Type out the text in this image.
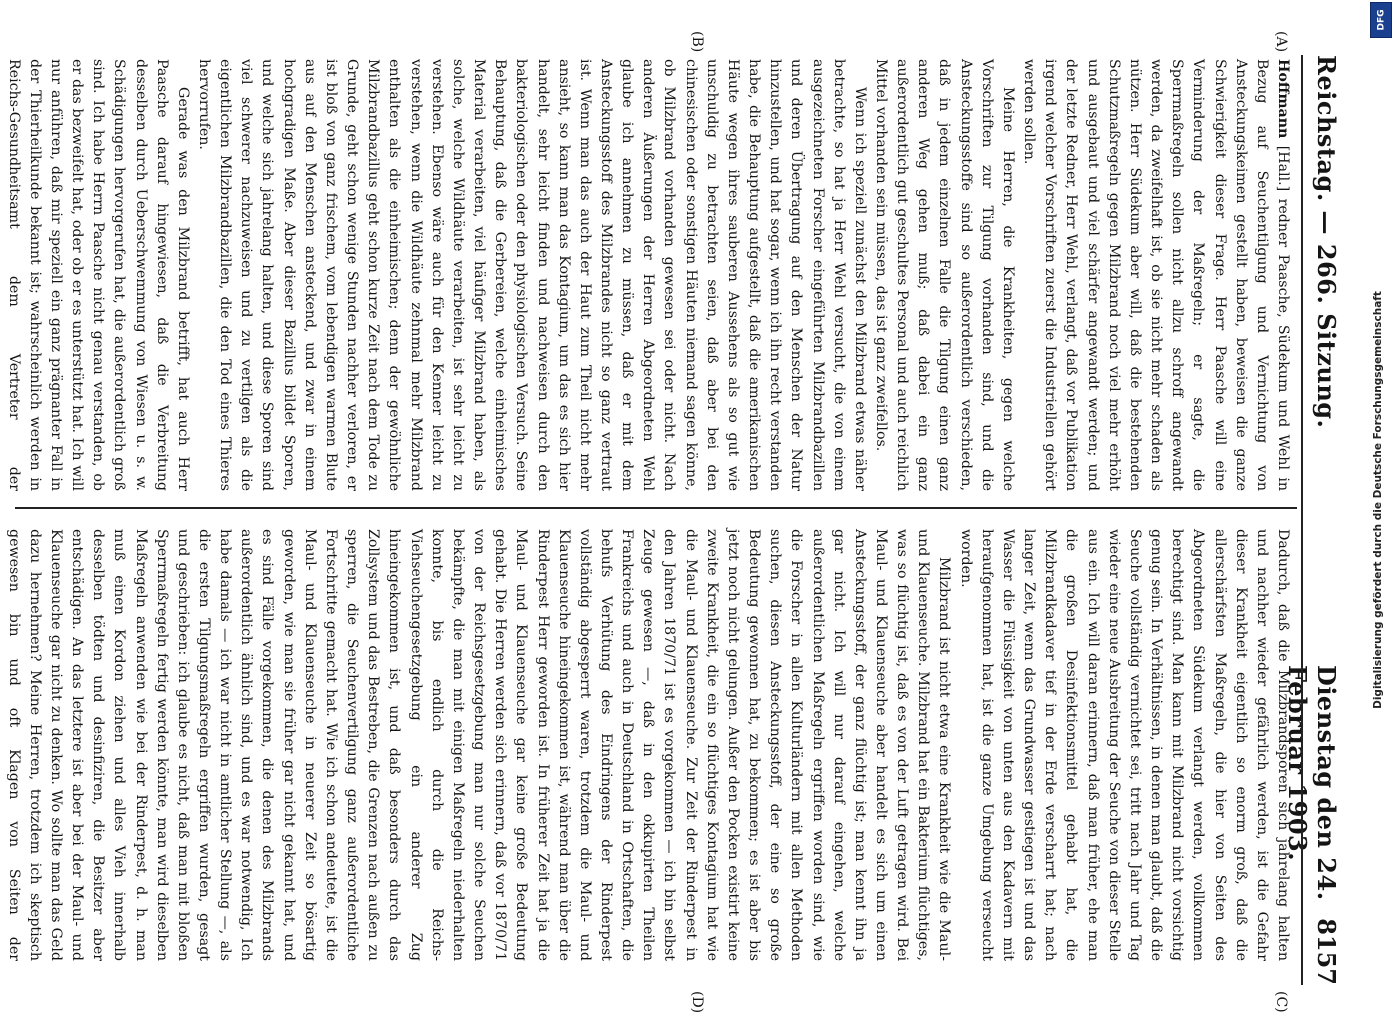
Reichstag. — 266. Sitzung.
Dienstag den 24. Februar 1903.
8157
(A)
(B)
(C)
(D)

Hoffmann [Hall.] redner Paasche, Südekum und Wehl in Bezug auf Seuchentilgung und Vernichtung von Ansteckungskeimen gestellt haben, beweisen die ganze Schwierigkeit dieser Frage. Herr Paasche will eine Verminderung der Maßregeln; er sagte, die Sperrmaßregeln sollen nicht allzu schroff angewandt werden, da zweifelhaft ist, ob sie nicht mehr schaden als nützen. Herr Südekum aber will, daß die bestehenden Schutzmaßregeln gegen Milzbrand noch viel mehr erhöht und ausgebaut und viel schärfer angewandt werden; und der letzte Redner, Herr Wehl, verlangt, daß vor Publikation irgend welcher Vorschriften zuerst die Industriellen gehört werden sollen.

Meine Herren, die Krankheiten, gegen welche Vorschriften zur Tilgung vorhanden sind, und die Ansteckungsstoffe sind so außerordentlich verschieden, daß in jedem einzelnen Falle die Tilgung einen ganz anderen Weg gehen muß; daß dabei ein ganz außerordentlich gut geschultes Personal und auch reichlich Mittel vorhanden sein müssen, das ist ganz zweifellos.

Wenn ich speziell zunächst den Milzbrand etwas näher betrachte, so hat ja Herr Wehl versucht, die von einem ausgezeichneten Forscher eingeführten Milzbrandbazillen und deren Übertragung auf den Menschen der Natur hinzustellen, und hat sogar, wenn ich ihn recht verstanden habe, die Behauptung aufgestellt, daß die amerikanischen Häute wegen ihres sauberen Aussehens als so gut wie unschuldig zu betrachten seien, daß aber bei den chinesischen oder sonstigen Häuten niemand sagen könne, ob Milzbrand vorhanden gewesen sei oder nicht. Nach anderen Äußerungen der Herren Abgeordneten Wehl glaube ich annehmen zu müssen, daß er mit dem Ansteckungsstoff des Milzbrandes nicht so ganz vertraut ist. Wenn man das auch der Haut zum Theil nicht mehr ansieht, so kann man das Kontagium, um das es sich hier handelt, sehr leicht finden und nachweisen durch den bakteriologischen oder den physiologischen Versuch. Seine Behauptung, daß die Gerbereien, welche einheimisches Material verarbeiten, viel häufiger Milzbrand haben, als solche, welche Wildhäute verarbeiten, ist sehr leicht zu verstehen. Ebenso wäre auch für den Kenner leicht zu verstehen, wenn die Wildhäute zehnmal mehr Milzbrand enthalten als die einheimischen; denn der gewöhnliche Milzbrandbazillus geht schon kurze Zeit nach dem Tode zu Grunde, geht schon wenige Stunden nachher verloren, er ist bloß von ganz frischem, vom lebendigen warmen Blute aus auf den Menschen ansteckend, und zwar in einem hochgradigen Maße. Aber dieser Bazillus bildet Sporen, und welche sich jahrelang halten, und diese Sporen sind viel schwerer nachzuweisen und zu vertilgen als die eigentlichen Milzbrandbazillen, die den Tod eines Thieres hervorrufen.

Gerade was den Milzbrand betrifft, hat auch Herr Paasche darauf hingewiesen, daß die Verbreitung desselben durch Ueberschwemmung von Wiesen u. s. w. Schädigungen hervorgerufen hat, die außerordentlich groß sind. Ich habe Herrn Paasche nicht genau verstanden, ob er das bezweifelt hat, oder ob er es unterstützt hat. Ich will nur anführen, daß mir speziell ein ganz prägnanter Fall in der Thierheilkunde bekannt ist; wahrscheinlich werden in Reichs-Gesundheitsamt dem Vertreter der

Dadurch, daß die Milzbrandsporen sich jahrelang halten und nachher wieder gefährlich werden, ist die Gefahr dieser Krankheit eigentlich so enorm groß, daß die allerschärfsten Maßregeln, die hier von Seiten des Abgeordneten Südekum verlangt werden, vollkommen berechtigt sind. Man kann mit Milzbrand nicht vorsichtig genug sein. In Verhältnissen, in denen man glaubt, daß die Seuche vollständig vernichtet sei, tritt nach Jahr und Tag wieder eine neue Ausbreitung der Seuche von dieser Stelle aus ein. Ich will daran erinnern, daß man früher, ehe man die großen Desinfektionsmittel gehabt hat, die Milzbrandkadaver tief in der Erde verscharrt hat; nach langer Zeit, wenn das Grundwasser gestiegen ist und das Wasser die Flüssigkeit von unten aus den Kadavern mit heraufgenommen hat, ist die ganze Umgebung verseucht worden.

Milzbrand ist nicht etwa eine Krankheit wie die Maul- und Klauenseuche. Milzbrand hat ein Bakterium flüchtiges, was so flüchtig ist, daß es von der Luft getragen wird. Bei Maul- und Klauenseuche aber handelt es sich um einen Ansteckungsstoff, der ganz flüchtig ist; man kennt ihn ja gar nicht. Ich will nur darauf eingehen, welche außerordentlichen Maßregeln ergriffen worden sind, wie die Forscher in allen Kulturländern mit allen Methoden suchen, diesen Ansteckungsstoff, der eine so große Bedeutung gewonnen hat, zu bekommen; es ist aber bis jetzt noch nicht gelungen. Außer den Pocken existirt keine zweite Krankheit, die ein so flüchtiges Kontagium hat wie die Maul- und Klauenseuche. Zur Zeit der Rinderpest in den Jahren 1870/71 ist es vorgekommen — ich bin selbst Zeuge gewesen —, daß in den okkupirten Theilen Frankreichs und auch in Deutschland in Ortschaften, die behufs Verhütung des Eindringens der Rinderpest vollständig abgesperrt waren, trotzdem die Maul- und Klauenseuche hineingekommen ist, während man über die Rinderpest Herr geworden ist. In früherer Zeit hat ja die Maul- und Klauenseuche gar keine große Bedeutung gehabt. Die Herren werden sich erinnern, daß vor 1870/71 von der Reichsgesetzgebung man nur solche Seuchen bekämpfte, die man mit einigen Maßregeln niederhalten konnte, bis endlich durch die Reichs-Viehseuchengesetzgebung ein anderer Zug hineingekommen ist, und daß besonders durch das Zollsystem und das Bestreben, die Grenzen nach außen zu sperren, die Seuchenvertilgung ganz außerordentliche Fortschritte gemacht hat. Wie ich schon andeutete, ist die Maul- und Klauenseuche in neuerer Zeit so bösartig geworden, wie man sie früher gar nicht gekannt hat, und es sind Fälle vorgekommen, die denen des Milzbrands außerordentlich ähnlich sind, und es war notwendig, Ich habe damals — ich war nicht in amtlicher Stellung —, als die ersten Tilgungsmaßregeln ergriffen wurden, gesagt und geschrieben: ich glaube es nicht, daß man mit bloßen Sperrmaßregeln fertig werden könnte, man wird dieselben Maßregeln anwenden wie bei der Rinderpest, d. h. man muß einen Kordon ziehen und alles Vieh innerhalb desselben tödten und desinfiziren, die Besitzer aber entschädigen. An das letztere ist aber bei der Maul- und Klauenseuche gar nicht zu denken. Wo sollte man das Geld dazu hernehmen? Meine Herren, trotzdem ich skeptisch gewesen bin und oft Klagen von Seiten der

Digitalisierung gefördert durch die Deutsche Forschungsgemeinschaft
DFG
